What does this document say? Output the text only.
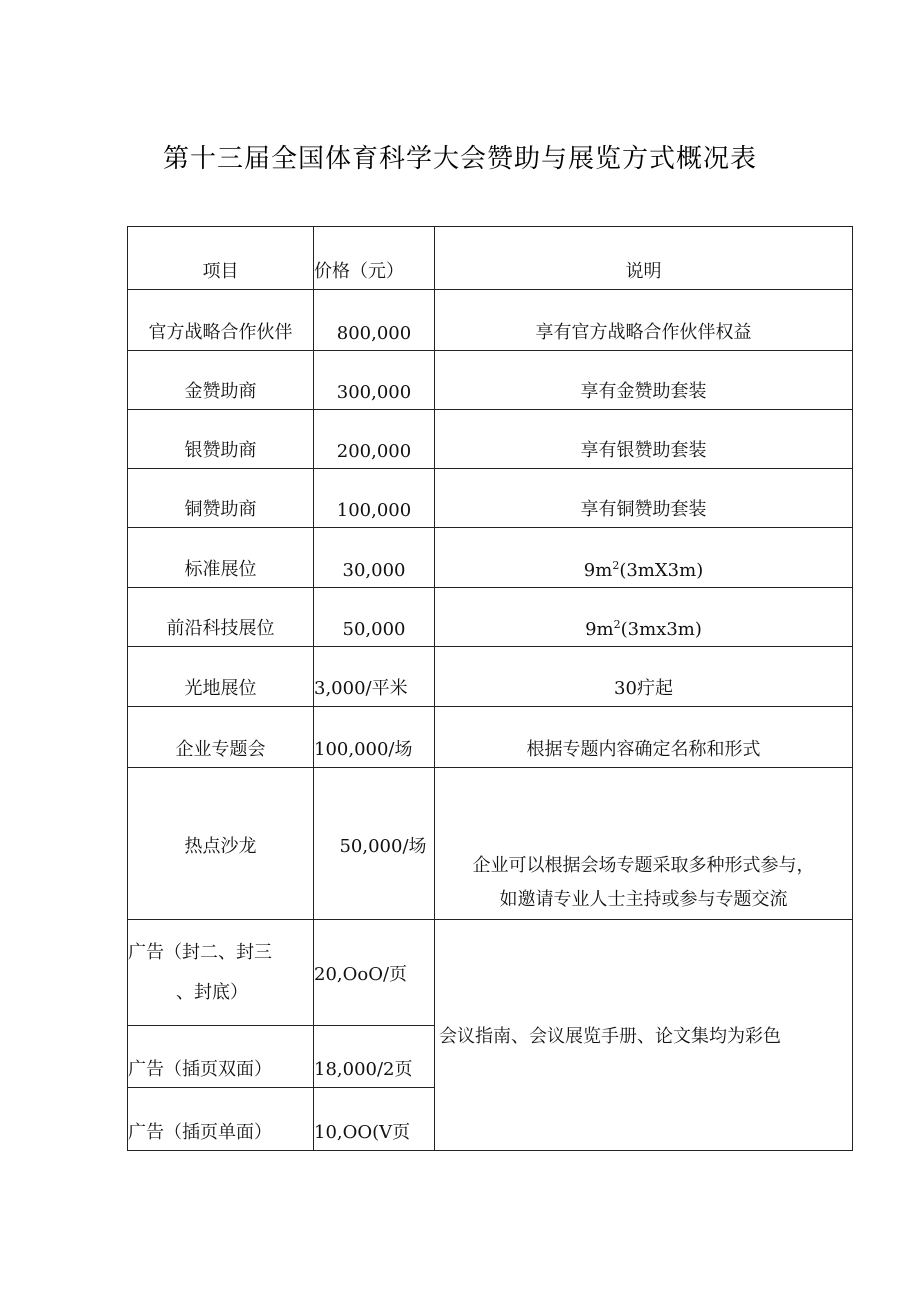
第十三届全国体育科学大会赞助与展览方式概况表
项目	价格（元）	说明

官方战略合作伙伴	800,000	享有官方战略合作伙伴权益

金赞助商	300,000	享有金赞助套装

银赞助商	200,000	享有银赞助套装

铜赞助商	100,000	享有铜赞助套装

标准展位	30,000	$9m^2(3mX3m)$

前沿科技展位	50,000	$9m^2(3mx3m)$

光地展位	3,000/平米	30疔起

企业专题会	100,000/场	根据专题内容确定名称和形式

热点沙龙	50,000/场	企业可以根据会场专题采取多种形式参与，
如邀请专业人士主持或参与专题交流

广告（封二、封三
、封底）	20,OoO/页	会议指南、会议展览手册、论文集均为彩色

广告（插页双面）	18,000/2页	

广告（插页单面）	10,OO(V页	
